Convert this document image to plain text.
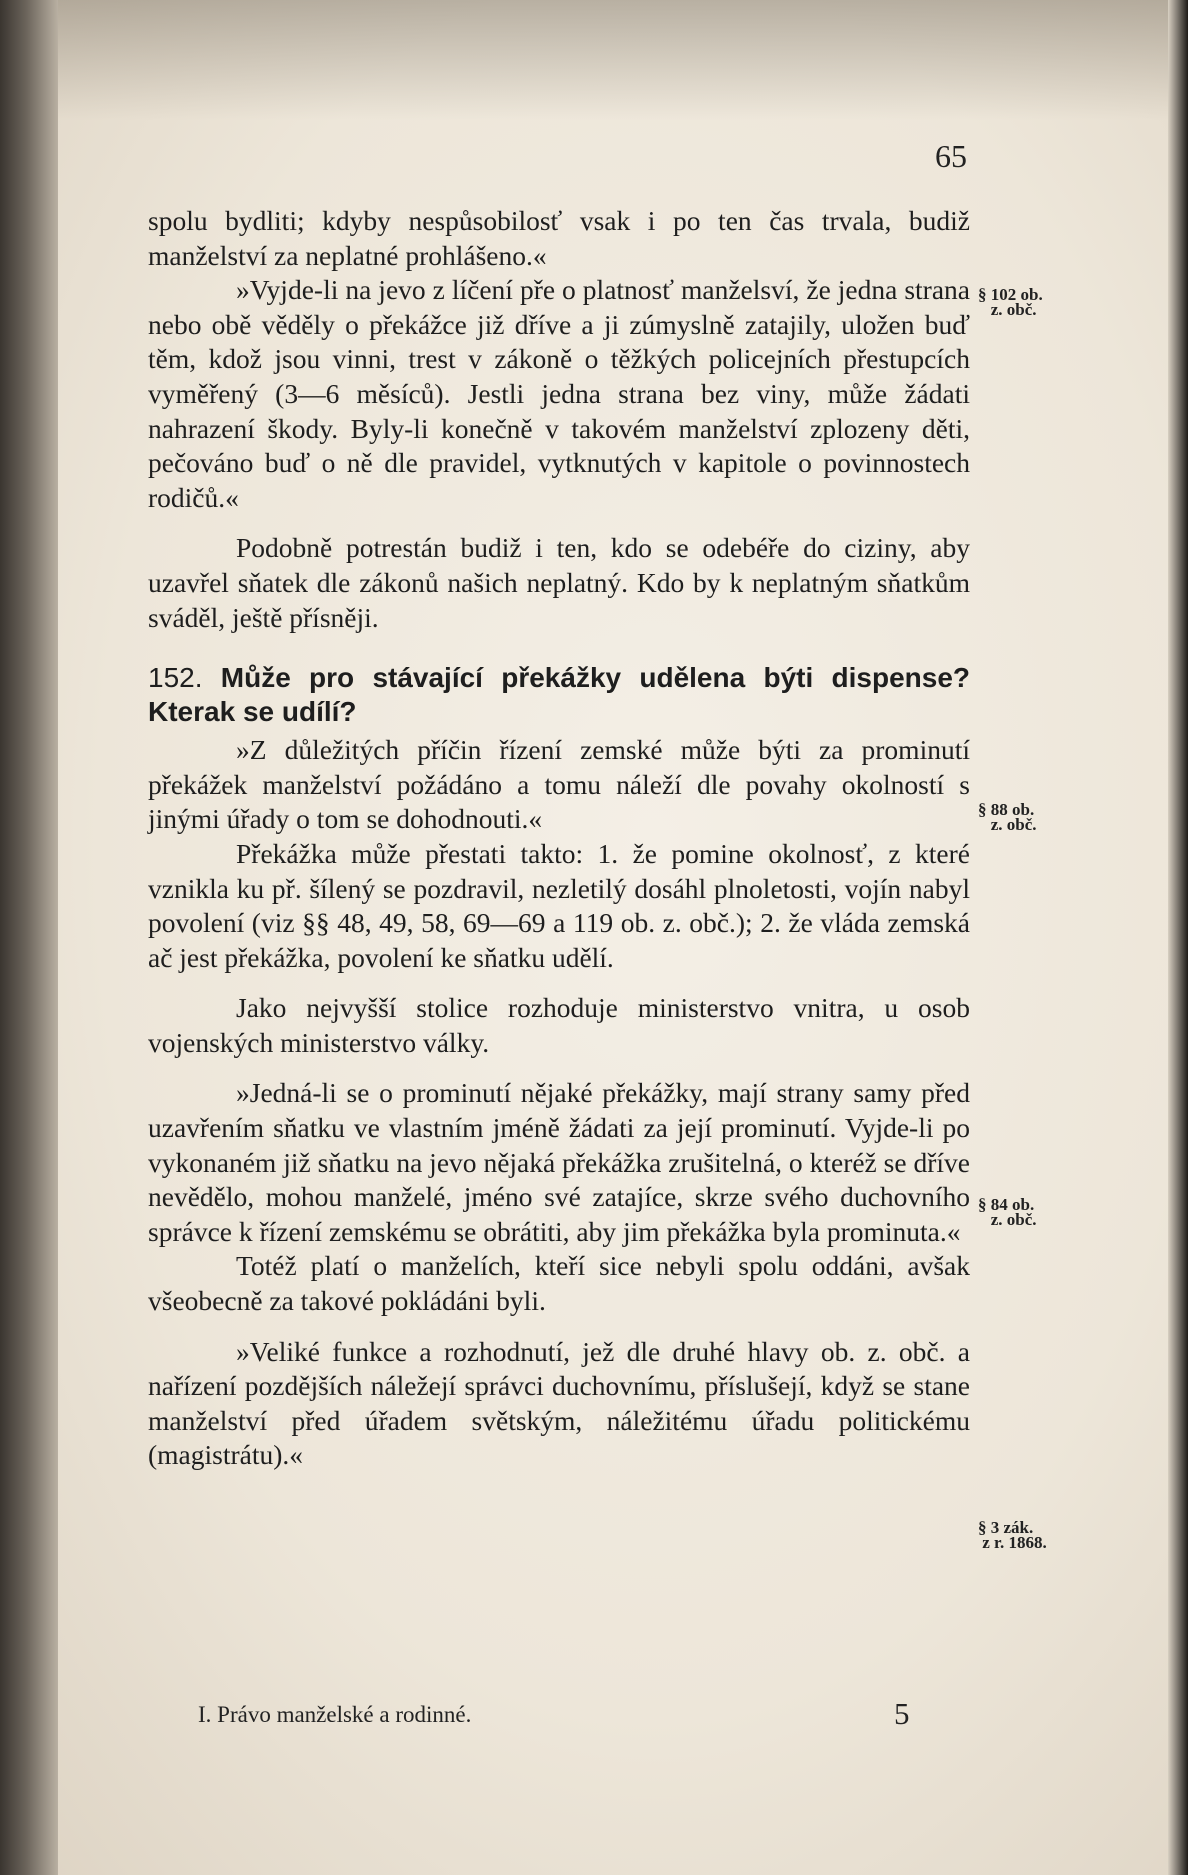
65

spolu bydliti; kdyby nespůsobilosť vsak i po ten čas trvala, budiž manželství za neplatné prohlášeno.«

»Vyjde-li na jevo z líčení pře o platnosť manželsví, že jedna strana nebo obě věděly o překážce již dříve a ji zúmyslně zatajily, uložen buď těm, kdož jsou vinni, trest v zákoně o těžkých policejních přestupcích vyměřený (3—6 měsíců). Jestli jedna strana bez viny, může žádati nahrazení škody. Byly-li konečně v takovém manželství zplozeny děti, pečováno buď o ně dle pravidel, vytknutých v kapitole o povinnostech rodičů.«

Podobně potrestán budiž i ten, kdo se odebéře do ciziny, aby uzavřel sňatek dle zákonů našich neplatný. Kdo by k neplatným sňatkům sváděl, ještě přísněji.

152. Může pro stávající překážky udělena býti dispense? Kterak se udílí?

»Z důležitých příčin řízení zemské může býti za prominutí překážek manželství požádáno a tomu náleží dle povahy okolností s jinými úřady o tom se dohodnouti.«

Překážka může přestati takto: 1. že pomine okolnosť, z které vznikla ku př. šílený se pozdravil, nezletilý dosáhl plnoletosti, vojín nabyl povolení (viz §§ 48, 49, 58, 69—69 a 119 ob. z. obč.); 2. že vláda zemská ač jest překážka, povolení ke sňatku udělí.

Jako nejvyšší stolice rozhoduje ministerstvo vnitra, u osob vojenských ministerstvo války.

»Jedná-li se o prominutí nějaké překážky, mají strany samy před uzavřením sňatku ve vlastním jméně žádati za její prominutí. Vyjde-li po vykonaném již sňatku na jevo nějaká překážka zrušitelná, o kteréž se dříve nevědělo, mohou manželé, jméno své zatajíce, skrze svého duchovního správce k řízení zemskému se obrátiti, aby jim překážka byla prominuta.«

Totéž platí o manželích, kteří sice nebyli spolu oddáni, avšak všeobecně za takové pokládáni byli.

»Veliké funkce a rozhodnutí, jež dle druhé hlavy ob. z. obč. a nařízení pozdějších náležejí správci duchovnímu, příslušejí, když se stane manželství před úřadem světským, náležitému úřadu politickému (magistrátu).«

§ 102 ob.
z. obč.
§ 88 ob.
z. obč.
§ 84 ob.
z. obč.
§ 3 zák.
z r. 1868.
I. Právo manželské a rodinné.	5
